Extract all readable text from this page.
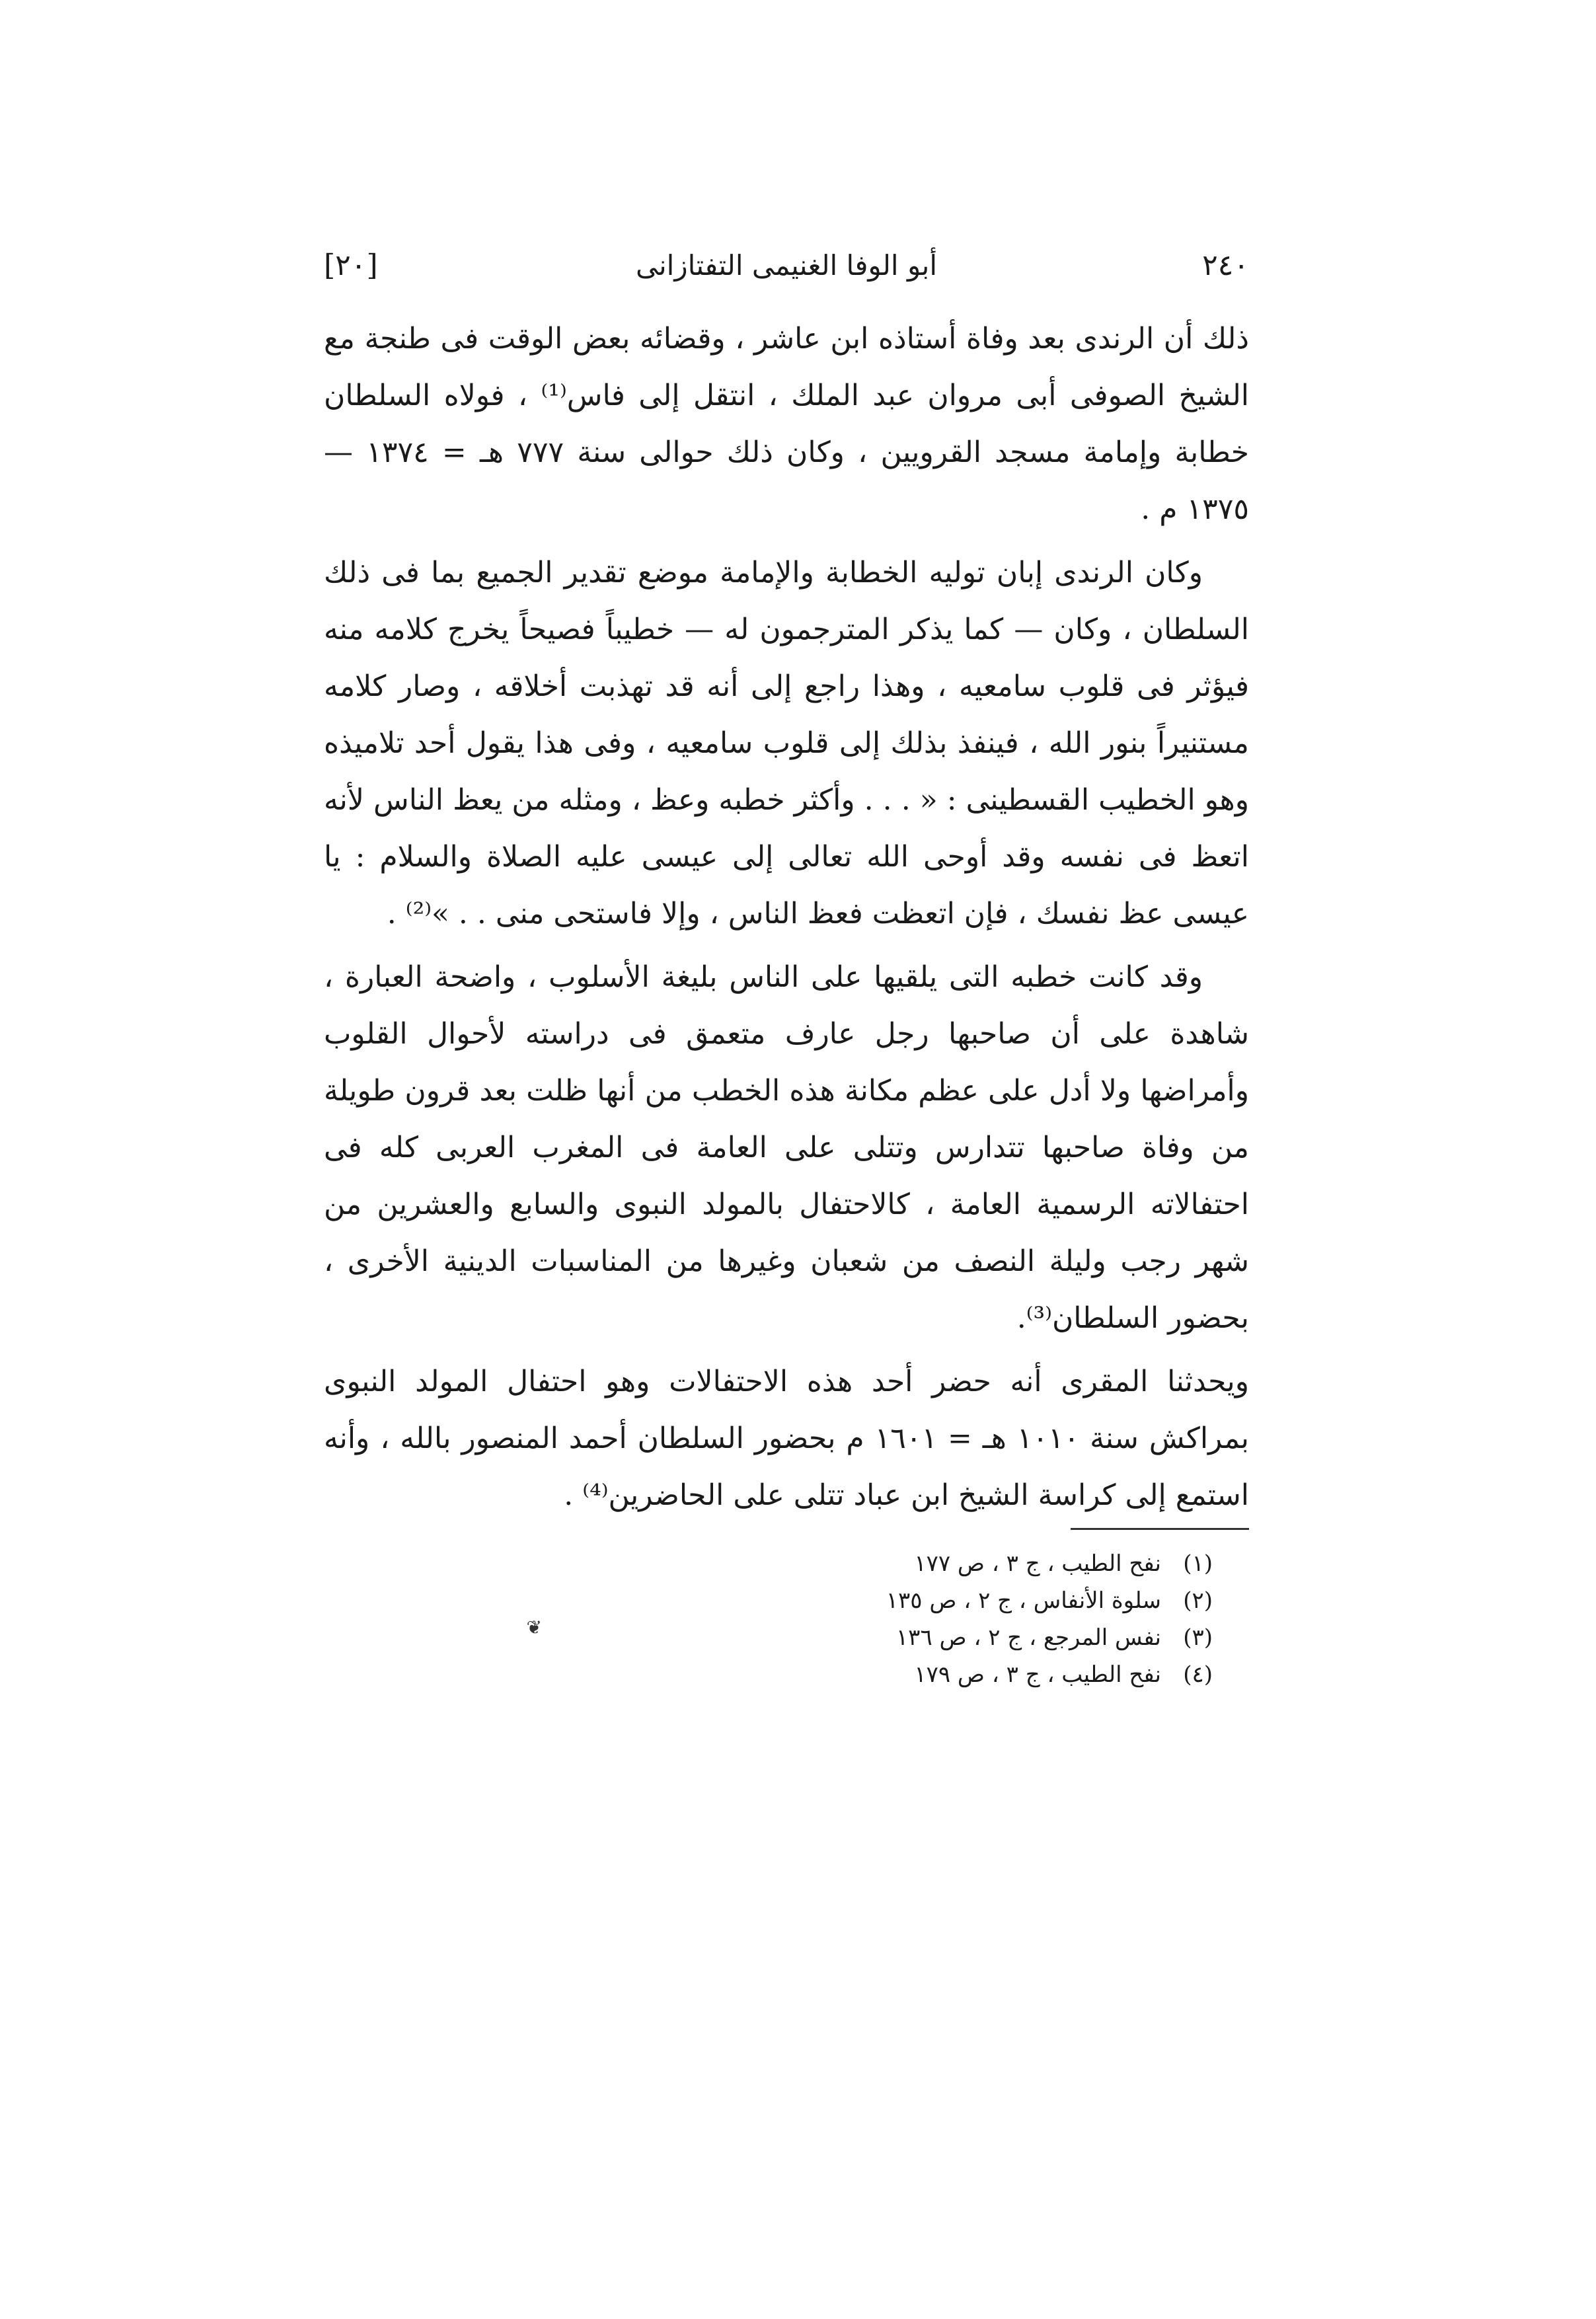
٢٤٠
أبو الوفا الغنيمى التفتازانى
[٢٠]

ذلك أن الرندى بعد وفاة أستاذه ابن عاشر ، وقضائه بعض الوقت فى طنجة مع الشيخ الصوفى أبى مروان عبد الملك ، انتقل إلى فاس⁽¹⁾ ، فولاه السلطان خطابة وإمامة مسجد القرويين ، وكان ذلك حوالى سنة ٧٧٧ هـ = ١٣٧٤ — ١٣٧٥ م .

وكان الرندى إبان توليه الخطابة والإمامة موضع تقدير الجميع بما فى ذلك السلطان ، وكان — كما يذكر المترجمون له — خطيباً فصيحاً يخرج كلامه منه فيؤثر فى قلوب سامعيه ، وهذا راجع إلى أنه قد تهذبت أخلاقه ، وصار كلامه مستنيراً بنور الله ، فينفذ بذلك إلى قلوب سامعيه ، وفى هذا يقول أحد تلاميذه وهو الخطيب القسطينى : « . . . وأكثر خطبه وعظ ، ومثله من يعظ الناس لأنه اتعظ فى نفسه وقد أوحى الله تعالى إلى عيسى عليه الصلاة والسلام : يا عيسى عظ نفسك ، فإن اتعظت فعظ الناس ، وإلا فاستحى منى . . »⁽²⁾ .

وقد كانت خطبه التى يلقيها على الناس بليغة الأسلوب ، واضحة العبارة ، شاهدة على أن صاحبها رجل عارف متعمق فى دراسته لأحوال القلوب وأمراضها ولا أدل على عظم مكانة هذه الخطب من أنها ظلت بعد قرون طويلة من وفاة صاحبها تتدارس وتتلى على العامة فى المغرب العربى كله فى احتفالاته الرسمية العامة ، كالاحتفال بالمولد النبوى والسابع والعشرين من شهر رجب وليلة النصف من شعبان وغيرها من المناسبات الدينية الأخرى ، بحضور السلطان⁽³⁾.

ويحدثنا المقرى أنه حضر أحد هذه الاحتفالات وهو احتفال المولد النبوى بمراكش سنة ١٠١٠ هـ = ١٦٠١ م بحضور السلطان أحمد المنصور بالله ، وأنه استمع إلى كراسة الشيخ ابن عباد تتلى على الحاضرين⁽⁴⁾ .

(١)
نفح الطيب ، ج ٣ ، ص ١٧٧
(٢)
سلوة الأنفاس ، ج ٢ ، ص ١٣٥
(٣)
نفس المرجع ، ج ٢ ، ص ١٣٦
(٤)
نفح الطيب ، ج ٣ ، ص ١٧٩
❦
